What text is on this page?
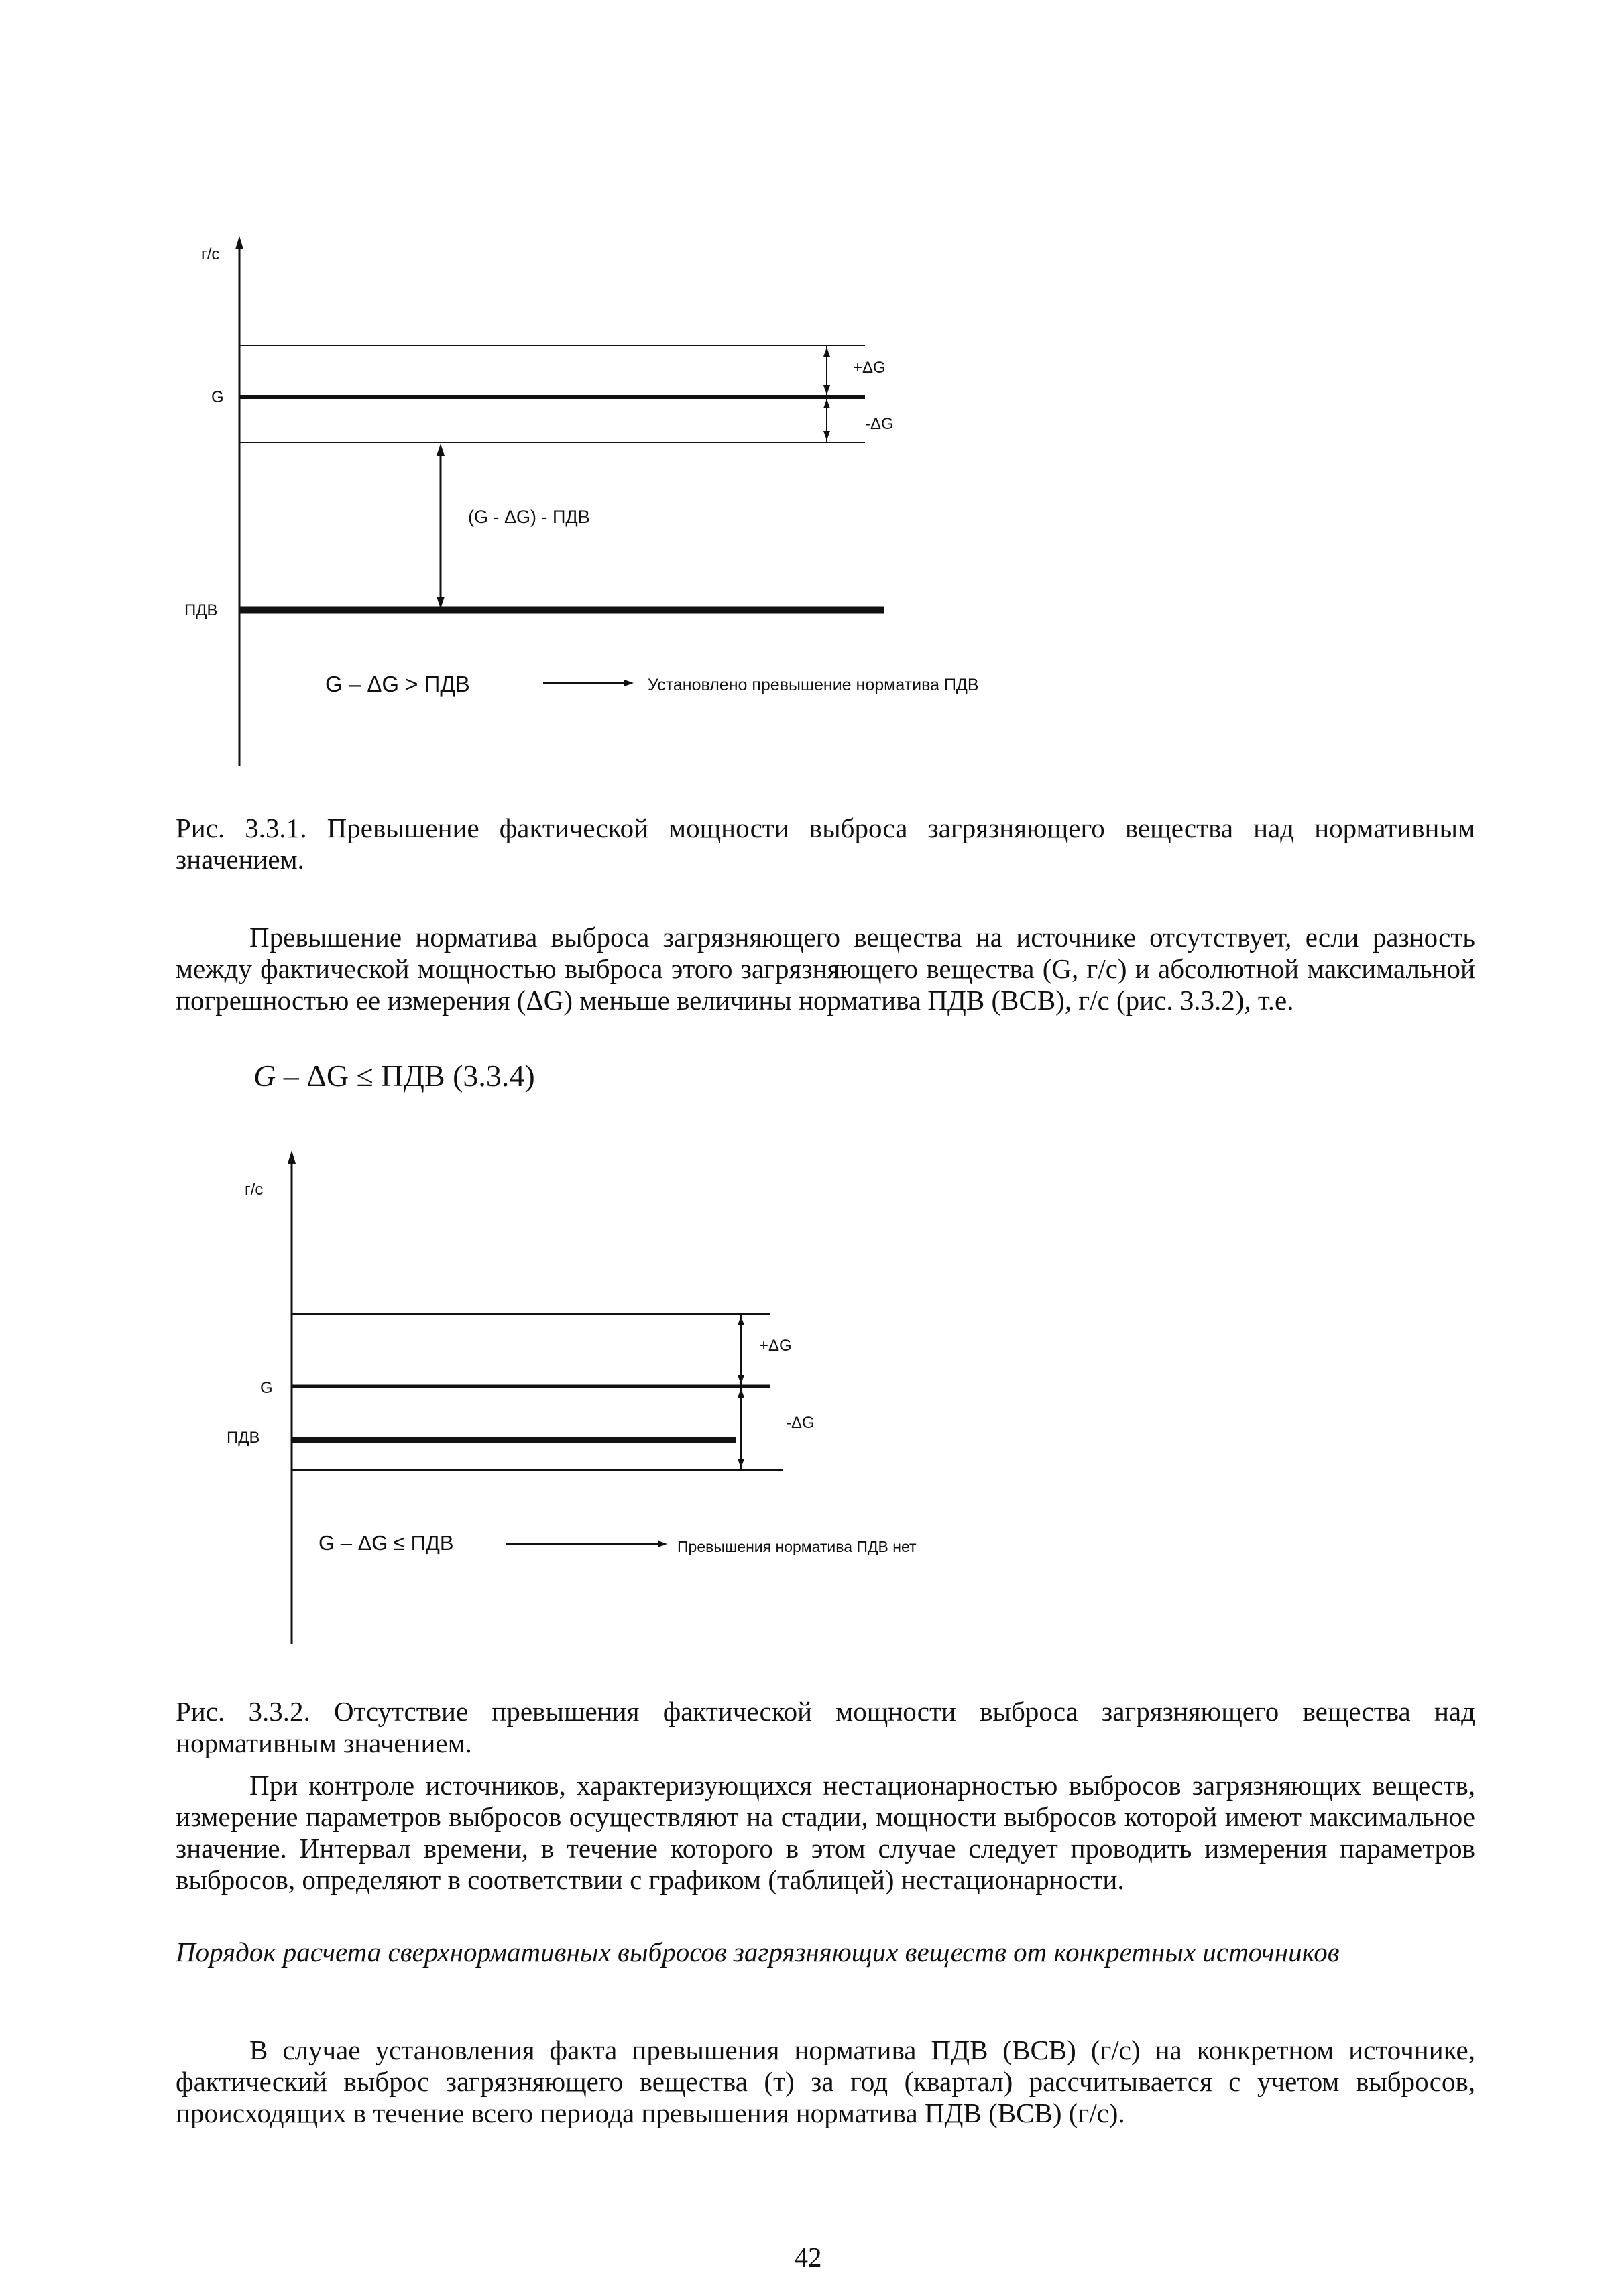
г/с
G
+ΔG
-ΔG
(G - ΔG) - ПДВ
ПДВ
G – ΔG > ПДВ	Установлено превышение норматива ПДВ
г/с
G
ПДВ
+ΔG
-ΔG
G – ΔG ≤ ПДВ	Превышения норматива ПДВ нет
Рис. 3.3.1. Превышение фактической мощности выброса загрязняющего вещества над нормативным значением.
Превышение норматива выброса загрязняющего вещества на источнике отсутствует, если разность между фактической мощностью выброса этого загрязняющего вещества (G, г/с) и абсолютной максимальной погрешностью ее измерения (ΔG) меньше величины норматива ПДВ (ВСВ), г/с (рис. 3.3.2), т.е.
G – ΔG ≤ ПДВ (3.3.4)
Рис. 3.3.2. Отсутствие превышения фактической мощности выброса загрязняющего вещества над нормативным значением.
При контроле источников, характеризующихся нестационарностью выбросов загрязняющих веществ, измерение параметров выбросов осуществляют на стадии, мощности выбросов которой имеют максимальное значение. Интервал времени, в течение которого в этом случае следует проводить измерения параметров выбросов, определяют в соответствии с графиком (таблицей) нестационарности.
Порядок расчета сверхнормативных выбросов загрязняющих веществ от конкретных источников
В случае установления факта превышения норматива ПДВ (ВСВ) (г/с) на конкретном источнике, фактический выброс загрязняющего вещества (т) за год (квартал) рассчитывается с учетом выбросов, происходящих в течение всего периода превышения норматива ПДВ (ВСВ) (г/с).
42
